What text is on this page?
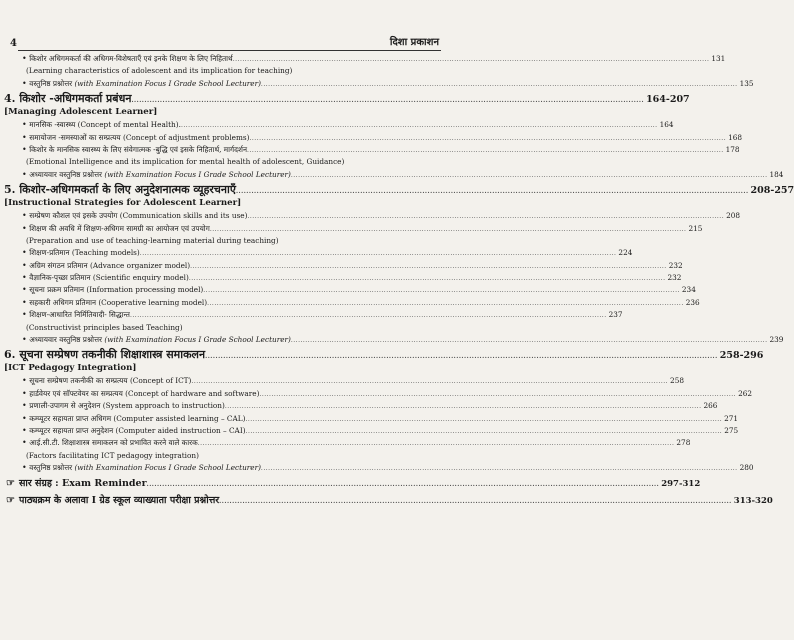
4	दिशा प्रकाशन
• किशोर अधिगमकर्ता की अधिगम-विशेषताएँ एवं इनके शिक्षण के लिए निहितार्थ .....	131
(Learning characteristics of adolescent and its implication for teaching)
• वस्तुनिष्ठ प्रश्नोत्तर (with Examination Focus I Grade School Lecturer) .....	135
4. किशोर -अधिगमकर्ता प्रबंधन .....	164-207
[Managing Adolescent Learner]
• मानसिक -स्वास्थ्य (Concept of mental Health). .....	164
• समायोजन -समस्याओं का सम्प्रत्यय (Concept of adjustment problems) .....	168
• किशोर के मानसिक स्वास्थ्य के लिए संवेगात्मक -बुद्धि एवं इसके निहितार्थ, मार्गदर्शन .....	178
(Emotional Intelligence and its implication for mental health of adolescent, Guidance)
• अध्यायवार वस्तुनिष्ठ प्रश्नोत्तर (with Examination Focus I Grade School Lecturer) .....	184
5. किशोर-अधिगमकर्ता के लिए अनुदेशनात्मक व्यूहरचनाएँ .....	208-257
[Instructional Strategies for Adolescent Learner]
• सम्प्रेषण कौशल एवं इसके उपयोग (Communication skills and its use) .....	208
• शिक्षण की अवधि में शिक्षण-अधिगम सामग्री का आयोजन एवं उपयोग .....	215
(Preparation and use of teaching-learning material during teaching)
• शिक्षण-प्रतिमान (Teaching models) .....	224
• अग्रिम संगठन प्रतिमान (Advance organizer model) .....	232
• वैज्ञानिक-पृच्छा प्रतिमान (Scientific enquiry model) .....	232
• सूचना प्रक्रम प्रतिमान (Information processing model) .....	234
• सहकारी अधिगम प्रतिमान (Cooperative learning model) .....	236
• शिक्षण-आधारित निर्मितिवादी- सिद्धान्त .....	237
(Constructivist principles based Teaching)
• अध्यायवार वस्तुनिष्ठ प्रश्नोत्तर (with Examination Focus I Grade School Lecturer) .....	239
6. सूचना सम्प्रेषण तकनीकी शिक्षाशास्त्र समाकलन .....	258-296
[ICT Pedagogy Integration]
• सूचना सम्प्रेषण तकनीकी का सम्प्रत्यय (Concept of ICT) .....	258
• हार्डवेयर एवं सॉफ्टवेयर का सम्प्रत्यय (Concept of hardware and software) .....	262
• प्रणाली-उपागम से अनुदेशन (System approach to instruction) .....	266
• कम्प्यूटर सहायता प्राप्त अधिगम (Computer assisted learning – CAL) .....	271
• कम्प्यूटर सहायता प्राप्त अनुदेशन (Computer aided instruction – CAI) .....	275
• आई.सी.टी. शिक्षाशास्त्र समाकलन को प्रभावित करने वाले कारक .....	278
(Factors facilitating ICT pedagogy integration)
• वस्तुनिष्ठ प्रश्नोत्तर (with Examination Focus I Grade School Lecturer) .....	280
☞ सार संग्रह : Exam Reminder .....	297-312
☞ पाठ्यक्रम के अलावा I ग्रेड स्कूल व्याख्याता परीक्षा प्रश्नोत्तर .....	313-320
